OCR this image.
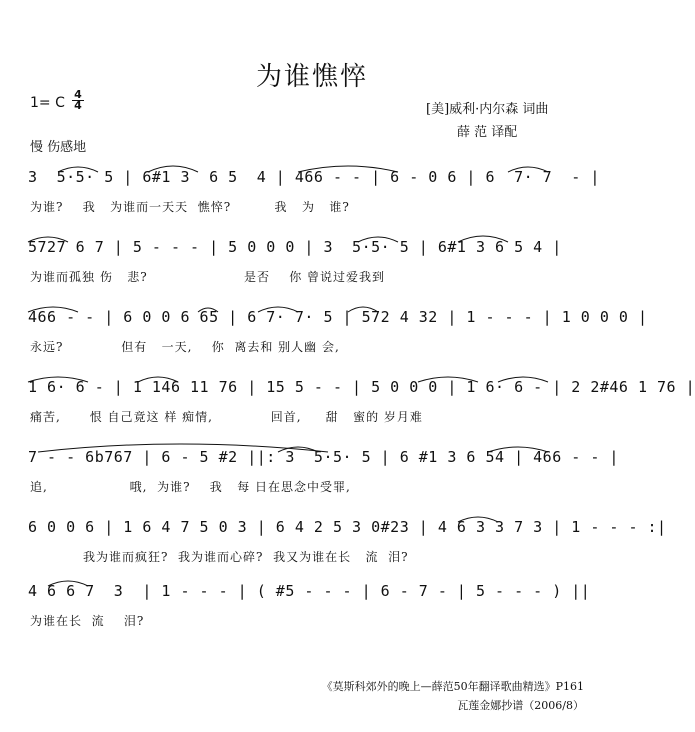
为谁憔悴
1= C
4
4	[美]威利·内尔森 词曲
薛 范 译配
慢 伤感地
3  5·5· 5 | 6#1 3  6 5  4 | 466 - - | 6 - 0 6 | 6  7· 7  - |
为谁?    我   为谁而一天天  憔悴?         我   为   谁?
5727 6 7 | 5 - - - | 5 0 0 0 | 3  5·5· 5 | 6#1 3 6 5 4 |
为谁而孤独 伤   悲?                    是否    你 曾说过爱我到
466 - - | 6 0 0 6 65 | 6 7· 7· 5 | 572 4 32 | 1 - - - | 1 0 0 0 |
永远?            但有   一天,    你  离去和 别人幽 会,
1 6· 6 - | 1 146 11 76 | 15 5 - - | 5 0 0 0 | 1 6· 6 - | 2 2#46 1 76 |
痛苦,      恨 自己竟这 样 痴情,            回首,     甜   蜜的 岁月难
7 - - 6b767 | 6 - 5 #2 ||: 3  5·5· 5 | 6 #1 3 6 54 | 466 - - |
追,                 哦,  为谁?    我   每 日在思念中受罪,
6 0 0 6 | 1 6 4 7 5 0 3 | 6 4 2 5 3 0#23 | 4 6 3 3 7 3 | 1 - - - :|
我为谁而疯狂?  我为谁而心碎?  我又为谁在长   流  泪?
4 6 6 7  3  | 1 - - - | ( #5 - - - | 6 - 7 - | 5 - - - ) ||
为谁在长  流    泪?
《莫斯科郊外的晚上—薛范50年翻译歌曲精选》P161
瓦莲金娜抄谱（2006/8）
